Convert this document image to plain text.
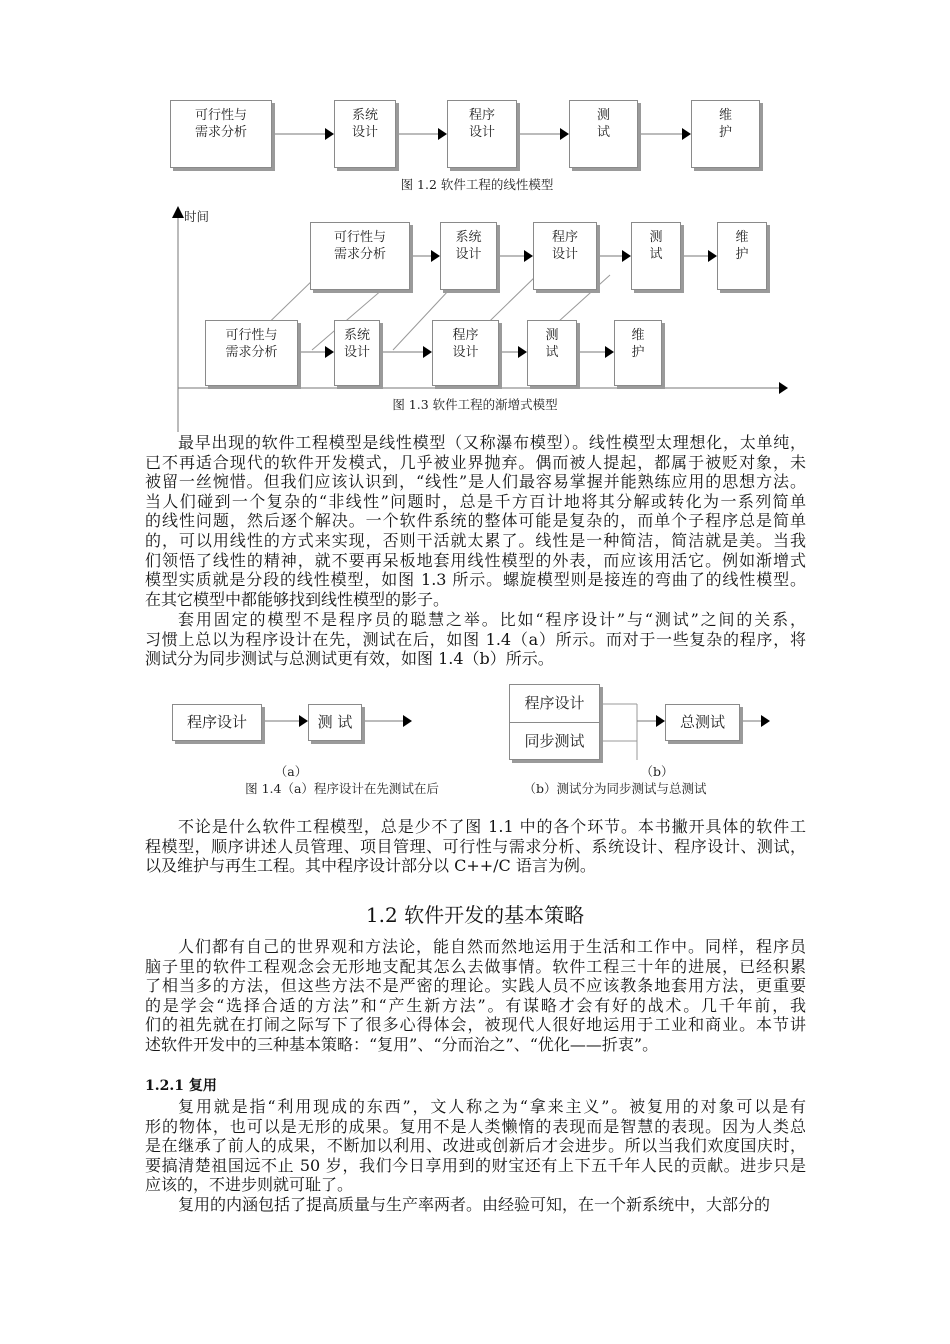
可行性与
需求分析
系统
设计
程序
设计
测
试
维
护
图 1.2 软件工程的线性模型
时间
可行性与
需求分析
系统
设计
程序
设计
测
试
维
护
可行性与
需求分析
系统
设计
程序
设计
测
试
维
护
图 1.3 软件工程的渐增式模型
最早出现的软件工程模型是线性模型（又称瀑布模型）。线性模型太理想化，太单纯，
已不再适合现代的软件开发模式，几乎被业界抛弃。偶而被人提起，都属于被贬对象，未
被留一丝惋惜。但我们应该认识到，“线性”是人们最容易掌握并能熟练应用的思想方法。
当人们碰到一个复杂的“非线性”问题时，总是千方百计地将其分解或转化为一系列简单
的线性问题，然后逐个解决。一个软件系统的整体可能是复杂的，而单个子程序总是简单
的，可以用线性的方式来实现，否则干活就太累了。线性是一种简洁，简洁就是美。当我
们领悟了线性的精神，就不要再呆板地套用线性模型的外表，而应该用活它。例如渐增式
模型实质就是分段的线性模型，如图 1.3 所示。螺旋模型则是接连的弯曲了的线性模型。
在其它模型中都能够找到线性模型的影子。
套用固定的模型不是程序员的聪慧之举。比如“程序设计”与“测试”之间的关系，
习惯上总以为程序设计在先，测试在后，如图 1.4（a）所示。而对于一些复杂的程序，将
测试分为同步测试与总测试更有效，如图 1.4（b）所示。
程序设计	测 试
程序设计
同步测试
总测试
（a）	（b）
图 1.4（a）程序设计在先测试在后	（b）测试分为同步测试与总测试
不论是什么软件工程模型，总是少不了图 1.1 中的各个环节。本书撇开具体的软件工
程模型，顺序讲述人员管理、项目管理、可行性与需求分析、系统设计、程序设计、测试，
以及维护与再生工程。其中程序设计部分以 C++/C 语言为例。
人们都有自己的世界观和方法论，能自然而然地运用于生活和工作中。同样，程序员
脑子里的软件工程观念会无形地支配其怎么去做事情。软件工程三十年的进展，已经积累
了相当多的方法，但这些方法不是严密的理论。实践人员不应该教条地套用方法，更重要
的是学会“选择合适的方法”和“产生新方法”。有谋略才会有好的战术。几千年前，我
们的祖先就在打闹之际写下了很多心得体会，被现代人很好地运用于工业和商业。本节讲
述软件开发中的三种基本策略：“复用”、“分而治之”、“优化——折衷”。
复用就是指“利用现成的东西”，文人称之为“拿来主义”。被复用的对象可以是有
形的物体，也可以是无形的成果。复用不是人类懒惰的表现而是智慧的表现。因为人类总
是在继承了前人的成果，不断加以利用、改进或创新后才会进步。所以当我们欢度国庆时，
要搞清楚祖国远不止 50 岁，我们今日享用到的财宝还有上下五千年人民的贡献。进步只是
应该的，不进步则就可耻了。
复用的内涵包括了提高质量与生产率两者。由经验可知，在一个新系统中，大部分的
1.2 软件开发的基本策略
1.2.1 复用
